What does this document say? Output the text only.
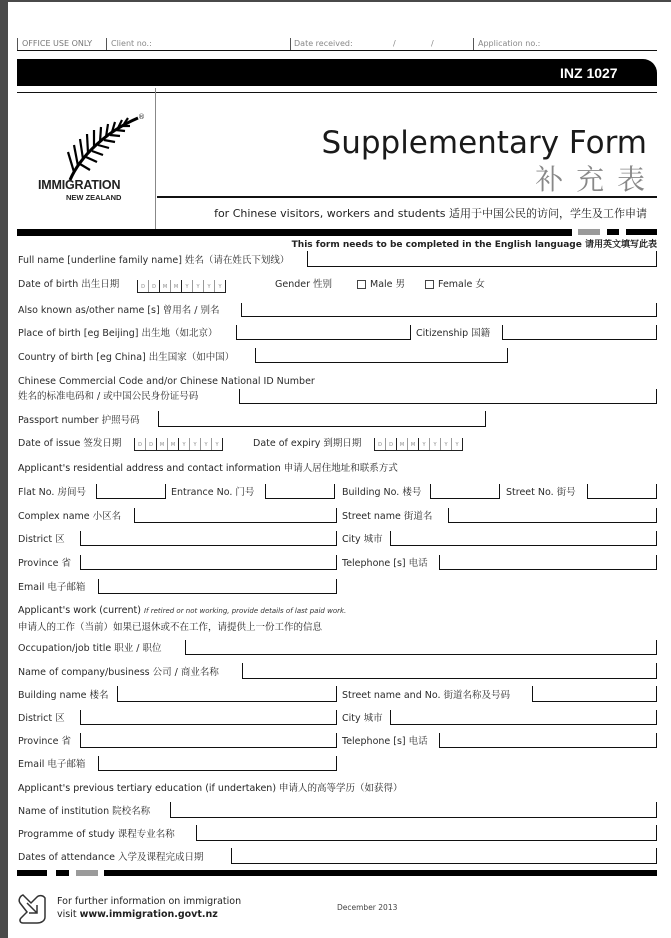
OFFICE USE ONLY Client no.:	Date received:	/	/	Application no.:
INZ 1027
®
IMMIGRATION
NEW ZEALAND
Supplementary Form
补 充 表
for Chinese visitors, workers and students 适用于中国公民的访问，学生及工作申请
This form needs to be completed in the English language 请用英文填写此表
Full name [underline family name] 姓名（请在姓氏下划线）
Date of birth 出生日期	D	D	M	M	Y	Y	Y	Y	Gender 性别	Male 男	Female 女
Also known as/other name [s] 曾用名 / 别名
Place of birth [eg Beijing] 出生地（如北京）	Citizenship 国籍
Country of birth [eg China] 出生国家（如中国）
Chinese Commercial Code and/or Chinese National ID Number
姓名的标准电码和 / 或中国公民身份证号码
Passport number 护照号码
Date of issue 签发日期	D	D	M	M	Y	Y	Y	Y	Date of expiry 到期日期	D	D	M	M	Y	Y	Y	Y
Applicant's residential address and contact information 申请人居住地址和联系方式
Flat No. 房间号	Entrance No. 门号	Building No. 楼号	Street No. 街号
Complex name 小区名	Street name 街道名
District 区	City 城市
Province 省	Telephone [s] 电话
Email 电子邮箱
Applicant's work (current) If retired or not working, provide details of last paid work.
申请人的工作（当前）如果已退休或不在工作，请提供上一份工作的信息
Occupation/job title 职业 / 职位
Name of company/business 公司 / 商业名称
Building name 楼名	Street name and No. 街道名称及号码
District 区	City 城市
Province 省	Telephone [s] 电话
Email 电子邮箱
Applicant's previous tertiary education (if undertaken) 申请人的高等学历（如获得）
Name of institution 院校名称
Programme of study 课程专业名称
Dates of attendance 入学及课程完成日期
For further information on immigration
visit www.immigration.govt.nz
December 2013
